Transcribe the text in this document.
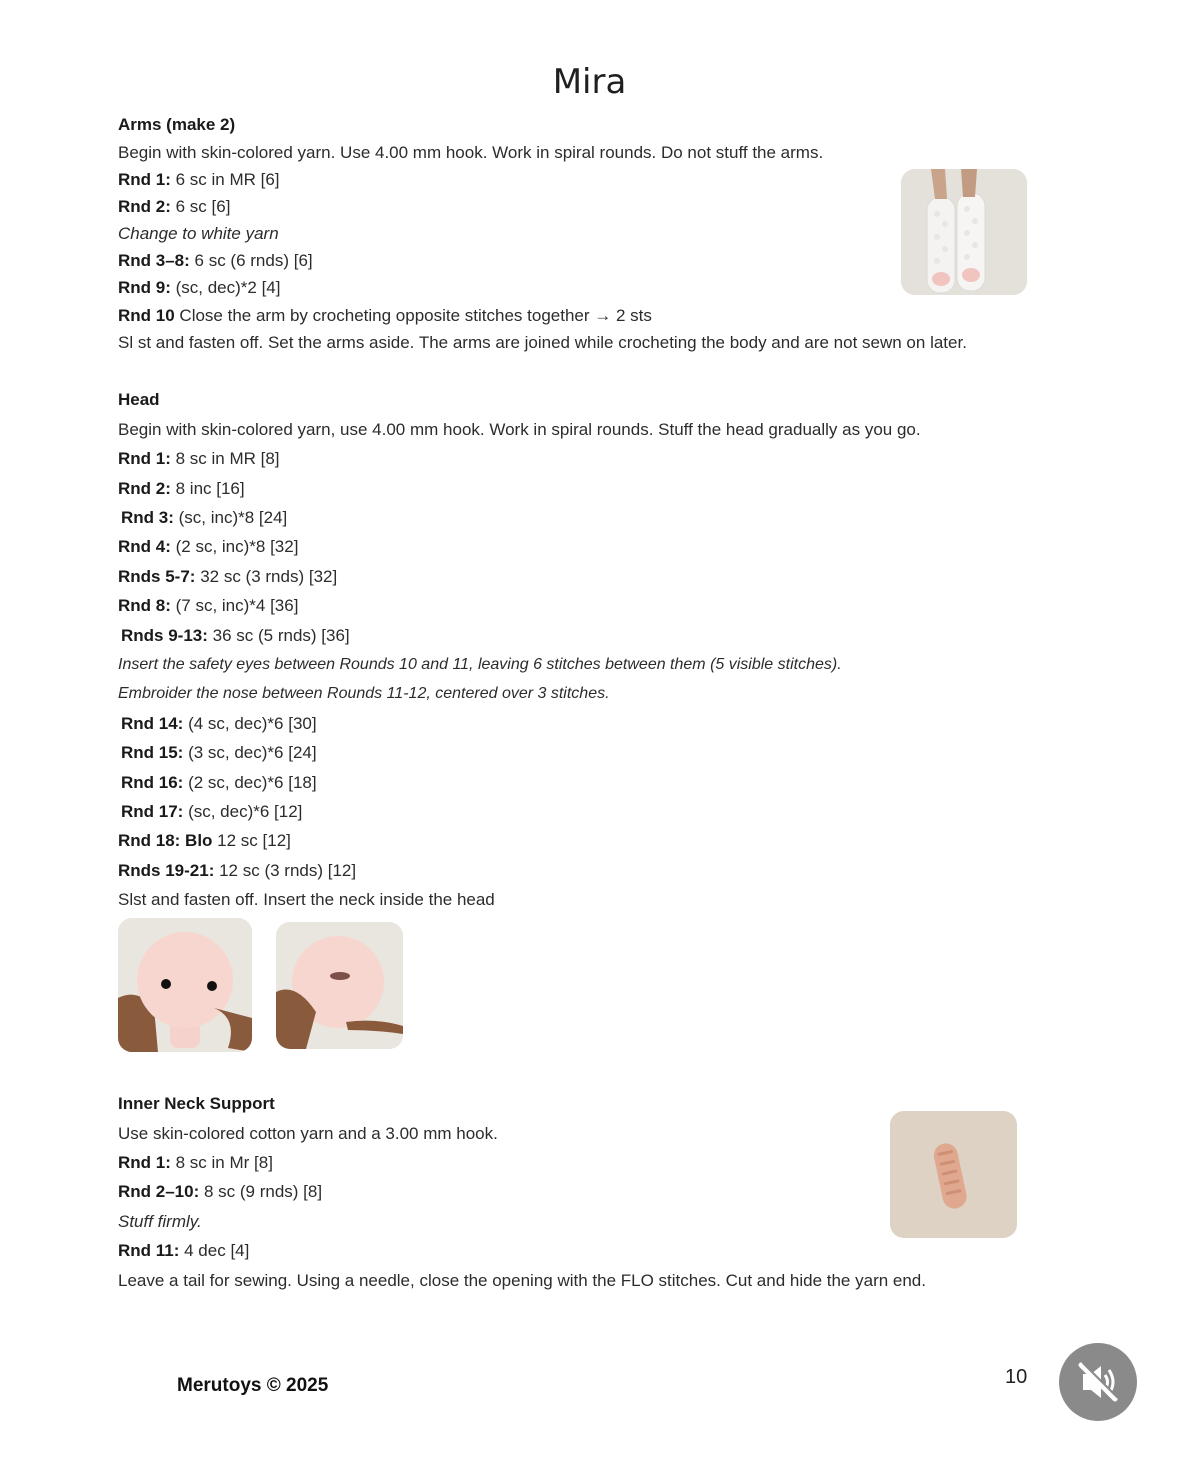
Mira
Arms (make 2)
Begin with skin-colored yarn. Use 4.00 mm hook. Work in spiral rounds. Do not stuff the arms.
Rnd 1: 6 sc in MR [6]
Rnd 2: 6 sc [6]
Change to white yarn
Rnd 3–8: 6 sc (6 rnds) [6]
Rnd 9: (sc, dec)*2 [4]
Rnd 10 Close the arm by crocheting opposite stitches together → 2 sts
Sl st and fasten off. Set the arms aside. The arms are joined while crocheting the body and are not sewn on later.
Head
Begin with skin-colored yarn, use 4.00 mm hook. Work in spiral rounds. Stuff the head gradually as you go.
Rnd 1: 8 sc in MR [8]
Rnd 2: 8 inc [16]
Rnd 3: (sc, inc)*8 [24]
Rnd 4: (2 sc, inc)*8 [32]
Rnds 5-7: 32 sc (3 rnds) [32]
Rnd 8: (7 sc, inc)*4 [36]
Rnds 9-13: 36 sc (5 rnds) [36]
Insert the safety eyes between Rounds 10 and 11, leaving 6 stitches between them (5 visible stitches).
Embroider the nose between Rounds 11-12, centered over 3 stitches.
Rnd 14: (4 sc, dec)*6 [30]
Rnd 15: (3 sc, dec)*6 [24]
Rnd 16: (2 sc, dec)*6 [18]
Rnd 17: (sc, dec)*6 [12]
Rnd 18: Blo 12 sc [12]
Rnds 19-21: 12 sc (3 rnds) [12]
Slst and fasten off. Insert the neck inside the head
Inner Neck Support
Use skin-colored cotton yarn and a 3.00 mm hook.
Rnd 1: 8 sc in Mr [8]
Rnd 2–10: 8 sc (9 rnds) [8]
Stuff firmly.
Rnd 11: 4 dec [4]
Leave a tail for sewing. Using a needle, close the opening with the FLO stitches. Cut and hide the yarn end.
Merutoys © 2025	10
